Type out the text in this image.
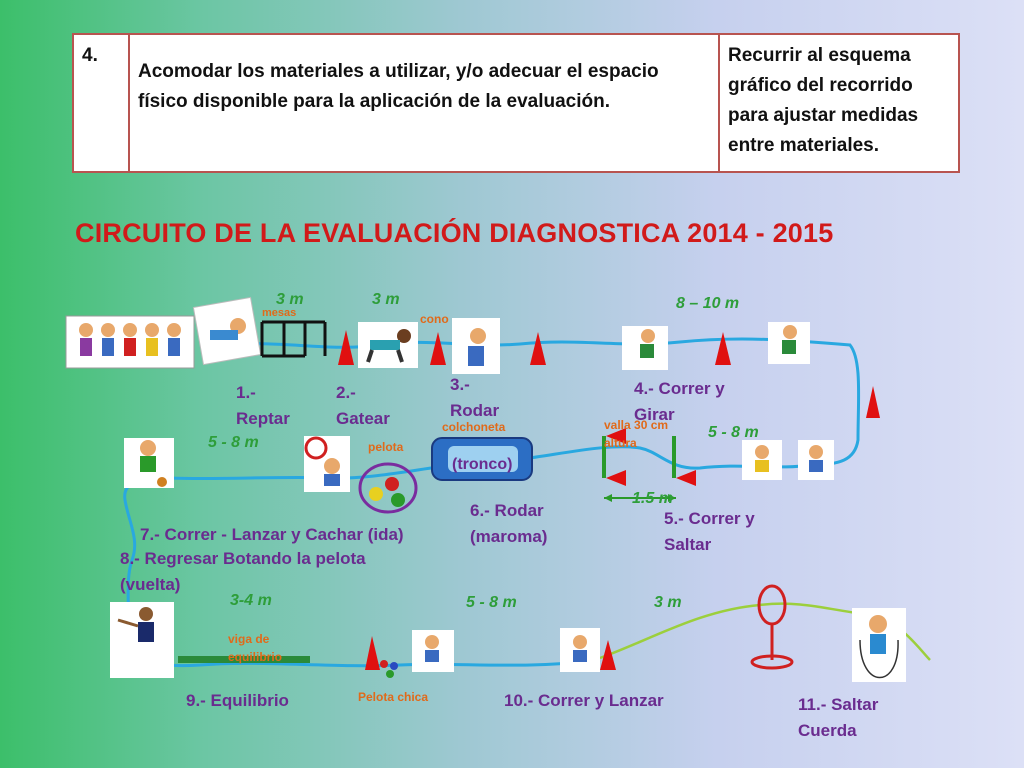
4.	Acomodar los materiales a utilizar, y/o adecuar el espacio físico disponible para la aplicación de la evaluación.	Recurrir al esquema gráfico del recorrido para ajustar medidas entre materiales.
CIRCUITO DE LA EVALUACIÓN DIAGNOSTICA 2014 - 2015
1.- Reptar
2.- Gatear
3.- Rodar
4.- Correr y Girar
5.- Correr y Saltar
6.- Rodar (maroma)
7.- Correr - Lanzar y Cachar (ida)
8.- Regresar Botando la pelota (vuelta)
9.- Equilibrio	10.- Correr y Lanzar	11.- Saltar Cuerda
3 m	3 m	8 – 10 m
5 - 8 m
5 - 8 m
1.5 m
3-4 m	5 - 8 m	3 m
mesas	cono
colchoneta
(tronco)
pelota
valla 30 cm altura
viga de equilibrio
Pelota chica
